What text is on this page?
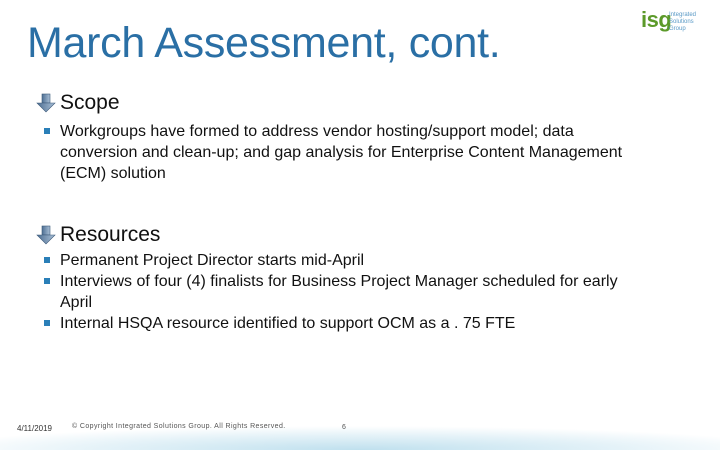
March Assessment, cont.	isg
Integrated
Solutions
Group
Scope
Workgroups have formed to address vendor hosting/support model; data conversion and clean-up; and gap analysis for Enterprise Content Management (ECM) solution
Resources
Permanent Project Director starts mid-April
Interviews of four (4) finalists for Business Project Manager scheduled for early April
Internal HSQA resource identified to support OCM as a . 75 FTE
4/11/2019	© Copyright Integrated Solutions Group. All Rights Reserved.	6
